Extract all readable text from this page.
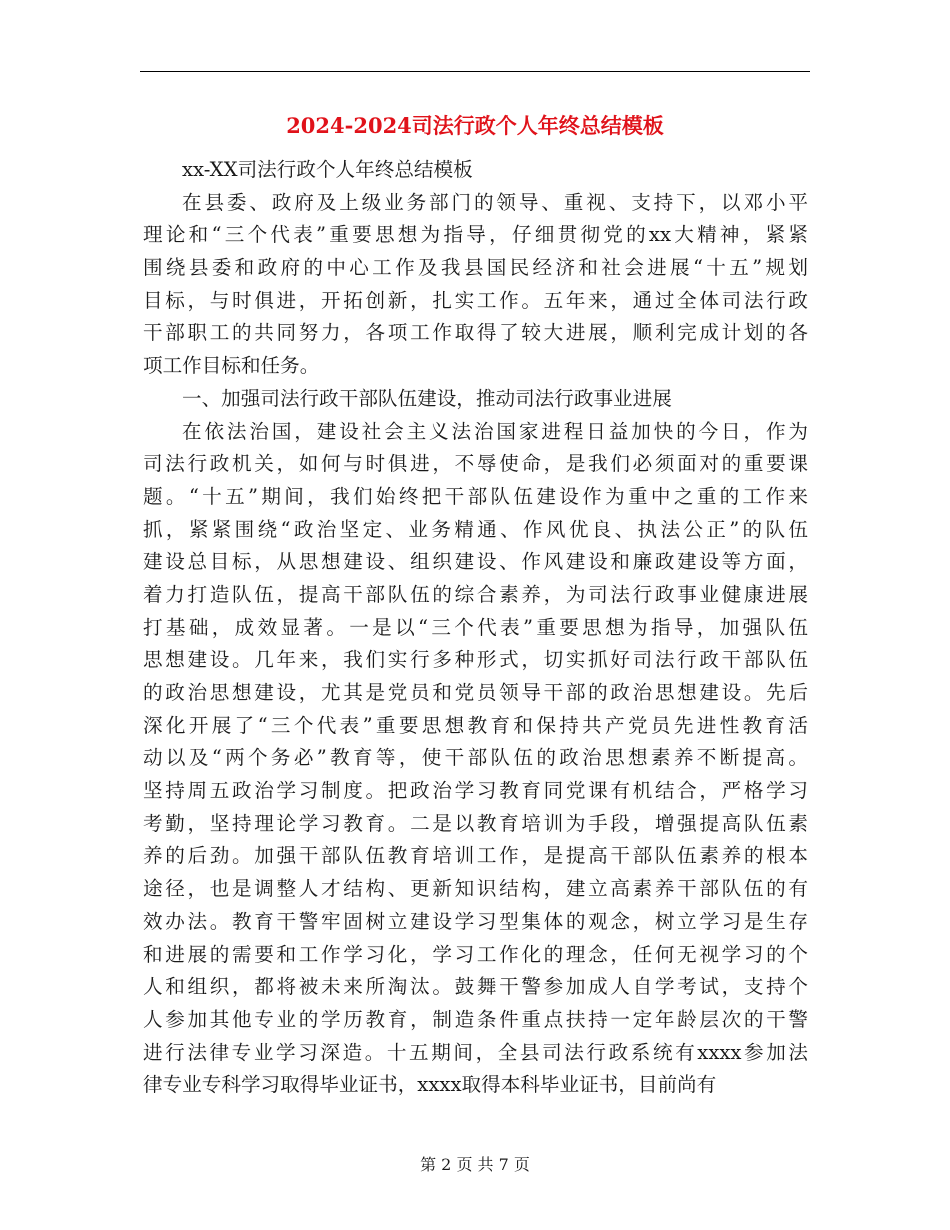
2024-2024司法行政个人年终总结模板
xx-XX司法行政个人年终总结模板
在县委、政府及上级业务部门的领导、重视、支持下，以邓小平
理论和“三个代表”重要思想为指导，仔细贯彻党的xx大精神，紧紧
围绕县委和政府的中心工作及我县国民经济和社会进展“十五”规划
目标，与时俱进，开拓创新，扎实工作。五年来，通过全体司法行政
干部职工的共同努力，各项工作取得了较大进展，顺利完成计划的各
项工作目标和任务。
一、加强司法行政干部队伍建设，推动司法行政事业进展
在依法治国，建设社会主义法治国家进程日益加快的今日，作为
司法行政机关，如何与时俱进，不辱使命，是我们必须面对的重要课
题。“十五”期间，我们始终把干部队伍建设作为重中之重的工作来
抓，紧紧围绕“政治坚定、业务精通、作风优良、执法公正”的队伍
建设总目标，从思想建设、组织建设、作风建设和廉政建设等方面，
着力打造队伍，提高干部队伍的综合素养，为司法行政事业健康进展
打基础，成效显著。一是以“三个代表”重要思想为指导，加强队伍
思想建设。几年来，我们实行多种形式，切实抓好司法行政干部队伍
的政治思想建设，尤其是党员和党员领导干部的政治思想建设。先后
深化开展了“三个代表”重要思想教育和保持共产党员先进性教育活
动以及“两个务必”教育等，使干部队伍的政治思想素养不断提高。
坚持周五政治学习制度。把政治学习教育同党课有机结合，严格学习
考勤，坚持理论学习教育。二是以教育培训为手段，增强提高队伍素
养的后劲。加强干部队伍教育培训工作，是提高干部队伍素养的根本
途径，也是调整人才结构、更新知识结构，建立高素养干部队伍的有
效办法。教育干警牢固树立建设学习型集体的观念，树立学习是生存
和进展的需要和工作学习化，学习工作化的理念，任何无视学习的个
人和组织，都将被未来所淘汰。鼓舞干警参加成人自学考试，支持个
人参加其他专业的学历教育，制造条件重点扶持一定年龄层次的干警
进行法律专业学习深造。十五期间，全县司法行政系统有xxxx参加法
律专业专科学习取得毕业证书，xxxx取得本科毕业证书，目前尚有
第 2 页 共 7 页
